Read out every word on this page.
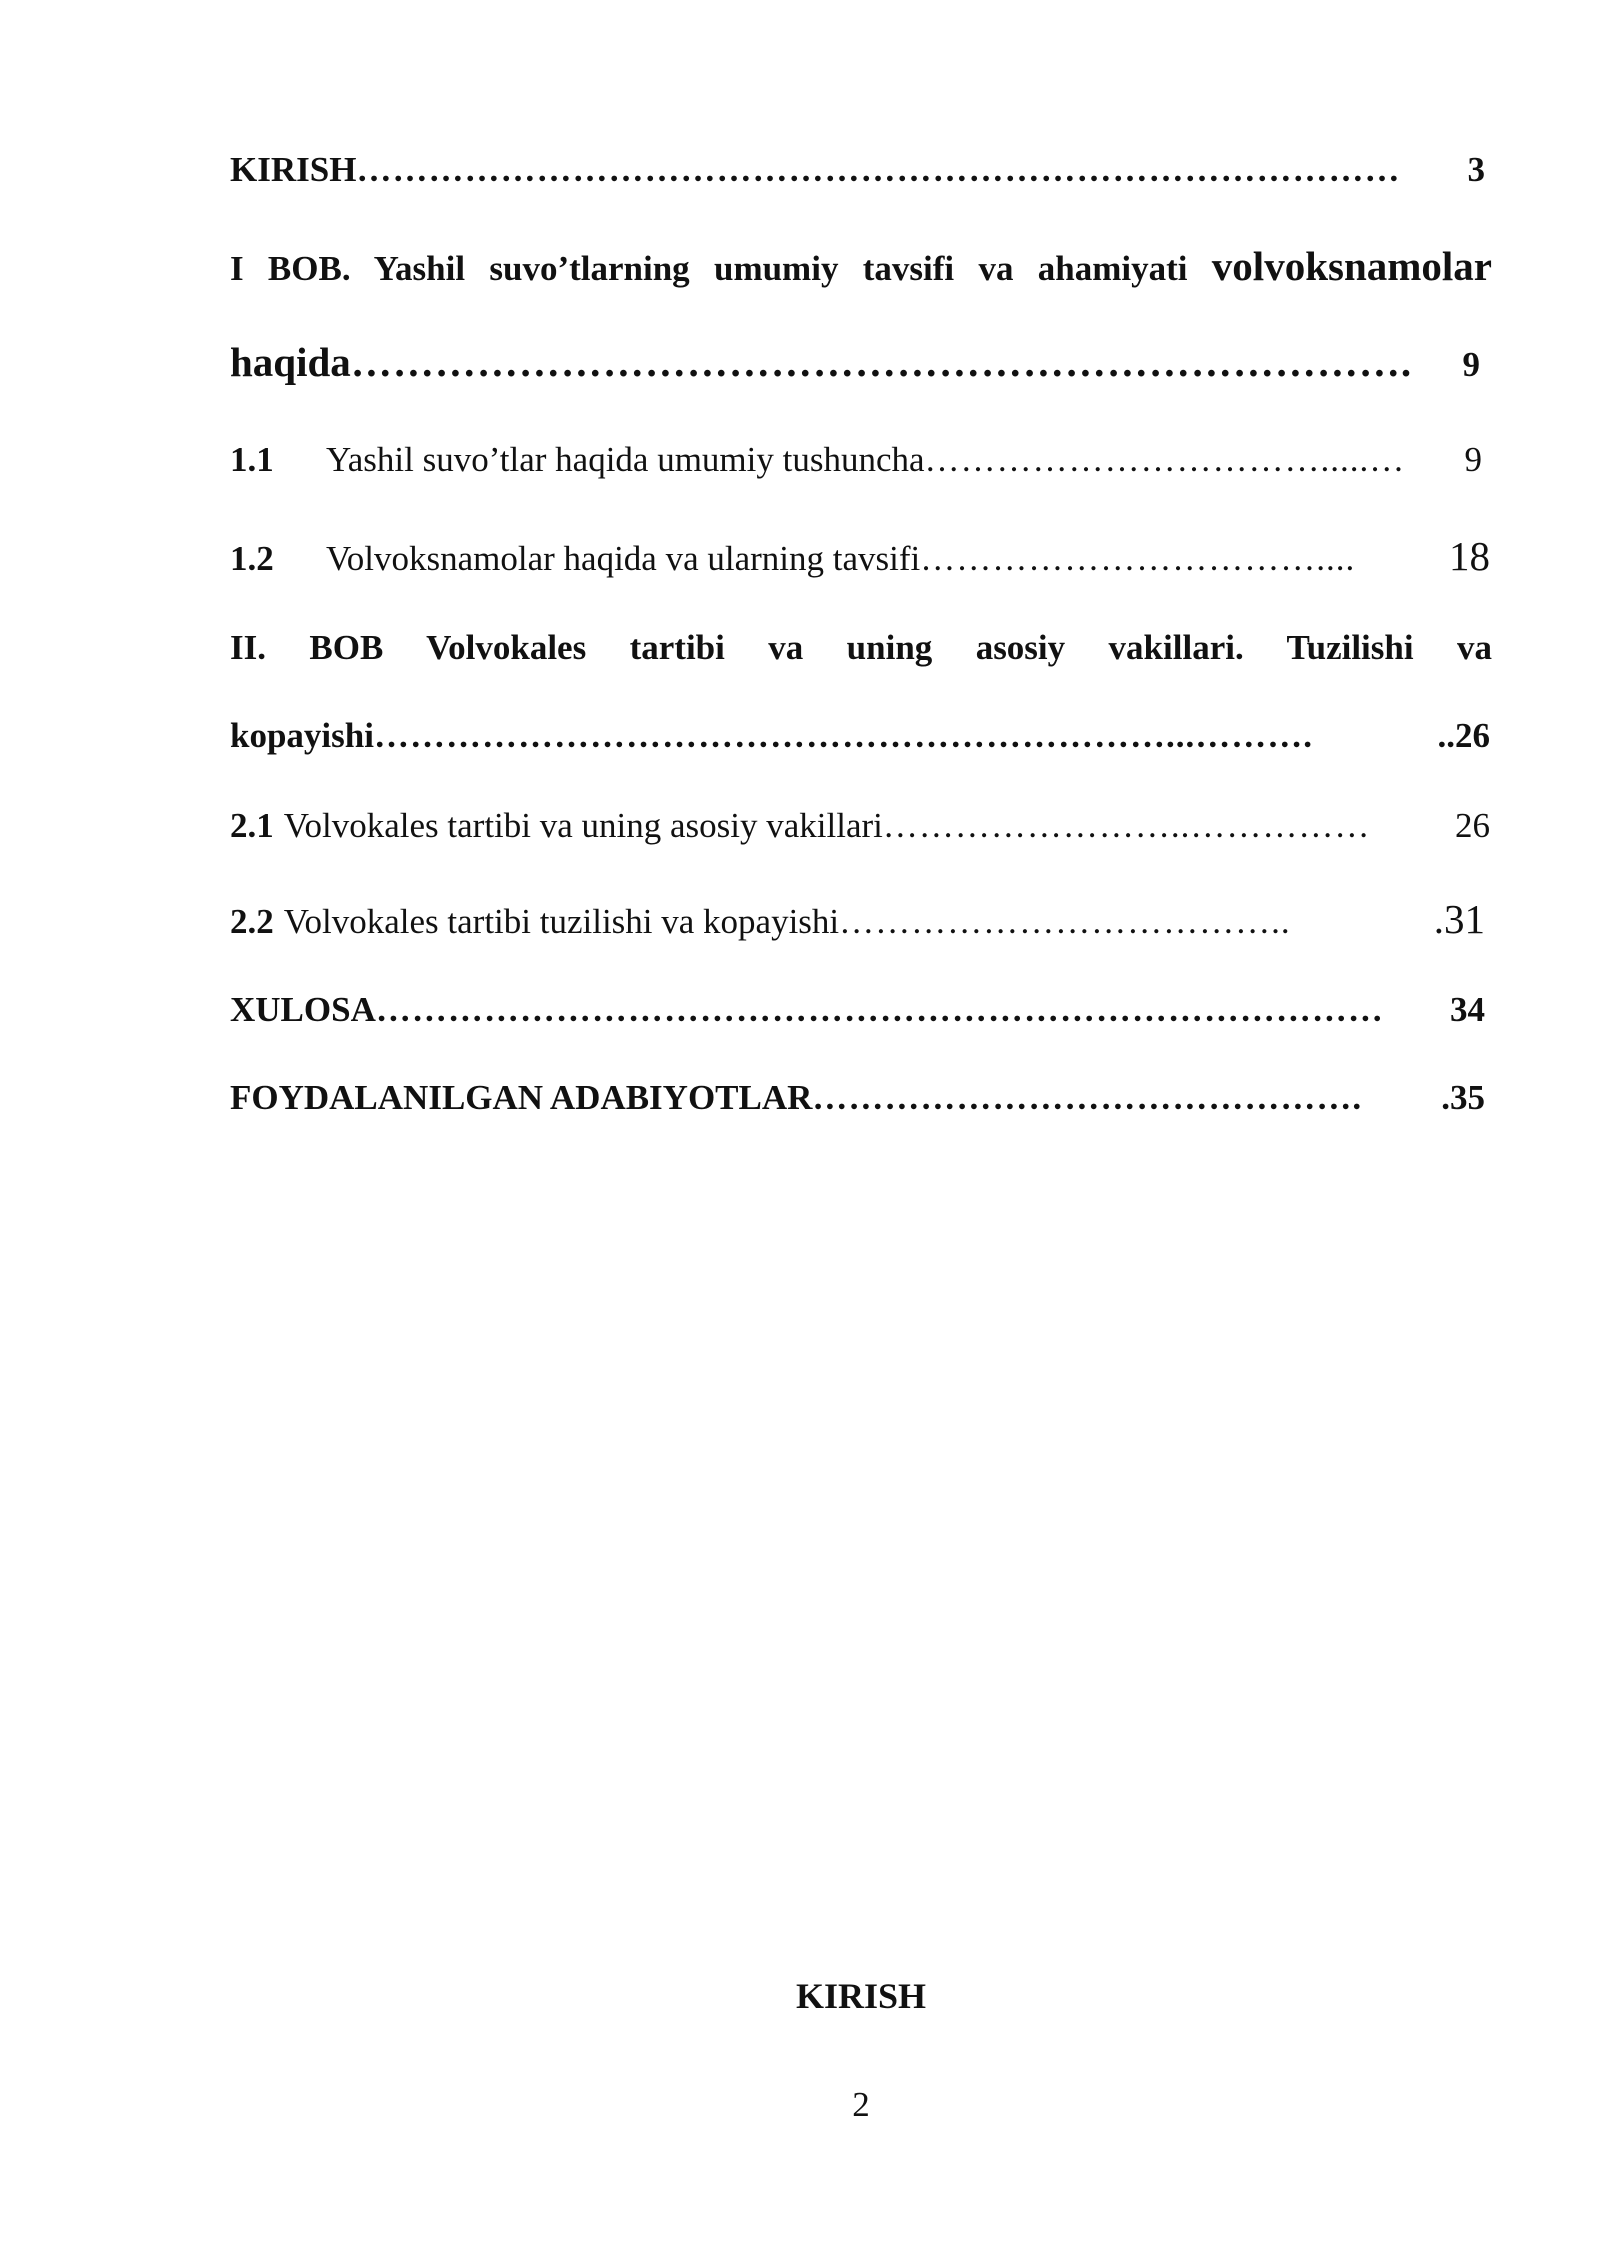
KIRISH ……………………………………………………………………………	3
I BOB. Yashil suvo’tlarning umumiy tavsifi va ahamiyati volvoksnamolar
haqida ………………………………………………………………….	9
1.1	Yashil suvo’tlar haqida umumiy tushuncha …………………………….....…	9
1.2	Volvoksnamolar haqida va ularning tavsifi ……………………………....	18
II. BOB Volvokales tartibi va uning asosiy vakillari. Tuzilishi va
kopayishi …………………………………………………………...……….	..26
2.1 Volvokales tartibi va uning asosiy vakillari ……………………..……………	26
2.2 Volvokales tartibi tuzilishi va kopayishi ………………………………..	.31
XULOSA …………………………………………………………………………	34
FOYDALANILGAN ADABIYOTLAR ……………………………………….	.35
KIRISH
2
